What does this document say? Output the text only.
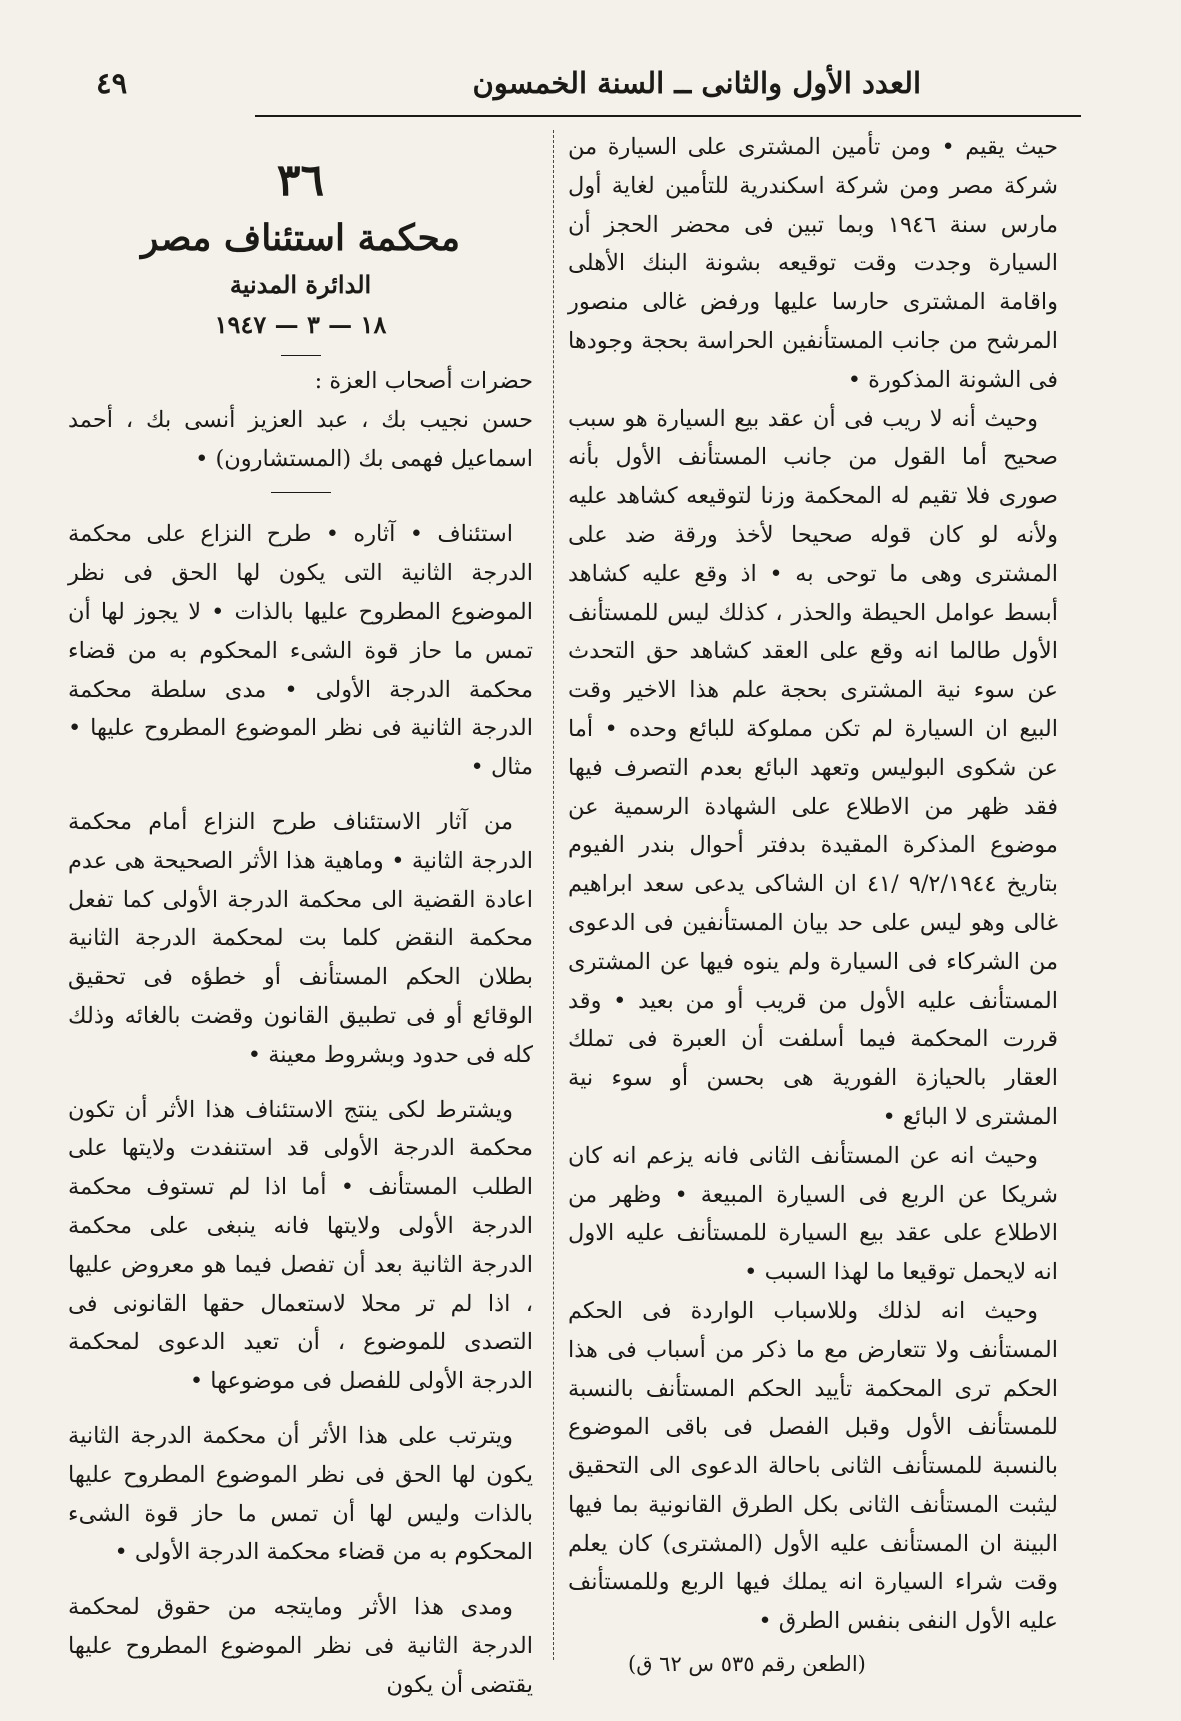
العدد الأول والثانى ــ السنة الخمسون
٤٩

حيث يقيم • ومن تأمين المشترى على السيارة من شركة مصر ومن شركة اسكندرية للتأمين لغاية أول مارس سنة ١٩٤٦ وبما تبين فى محضر الحجز أن السيارة وجدت وقت توقيعه بشونة البنك الأهلى واقامة المشترى حارسا عليها ورفض غالى منصور المرشح من جانب المستأنفين الحراسة بحجة وجودها فى الشونة المذكورة •

وحيث أنه لا ريب فى أن عقد بيع السيارة هو سبب صحيح أما القول من جانب المستأنف الأول بأنه صورى فلا تقيم له المحكمة وزنا لتوقيعه كشاهد عليه ولأنه لو كان قوله صحيحا لأخذ ورقة ضد على المشترى وهى ما توحى به • اذ وقع عليه كشاهد أبسط عوامل الحيطة والحذر ، كذلك ليس للمستأنف الأول طالما انه وقع على العقد كشاهد حق التحدث عن سوء نية المشترى بحجة علم هذا الاخير وقت البيع ان السيارة لم تكن مملوكة للبائع وحده • أما عن شكوى البوليس وتعهد البائع بعدم التصرف فيها فقد ظهر من الاطلاع على الشهادة الرسمية عن موضوع المذكرة المقيدة بدفتر أحوال بندر الفيوم بتاريخ ٩/٢/١٩٤٤ /٤١ ان الشاكى يدعى سعد ابراهيم غالى وهو ليس على حد بيان المستأنفين فى الدعوى من الشركاء فى السيارة ولم ينوه فيها عن المشترى المستأنف عليه الأول من قريب أو من بعيد • وقد قررت المحكمة فيما أسلفت أن العبرة فى تملك العقار بالحيازة الفورية هى بحسن أو سوء نية المشترى لا البائع •

وحيث انه عن المستأنف الثانى فانه يزعم انه كان شريكا عن الربع فى السيارة المبيعة • وظهر من الاطلاع على عقد بيع السيارة للمستأنف عليه الاول انه لايحمل توقيعا ما لهذا السبب •

وحيث انه لذلك وللاسباب الواردة فى الحكم المستأنف ولا تتعارض مع ما ذكر من أسباب فى هذا الحكم ترى المحكمة تأييد الحكم المستأنف بالنسبة للمستأنف الأول وقبل الفصل فى باقى الموضوع بالنسبة للمستأنف الثانى باحالة الدعوى الى التحقيق ليثبت المستأنف الثانى بكل الطرق القانونية بما فيها البينة ان المستأنف عليه الأول (المشترى) كان يعلم وقت شراء السيارة انه يملك فيها الربع وللمستأنف عليه الأول النفى بنفس الطرق •

(الطعن رقم ٥٣٥ س ٦٢ ق)

٣٦
محكمة استئناف مصر
الدائرة المدنية
١٨ — ٣ — ١٩٤٧

حضرات أصحاب العزة :

حسن نجيب بك ، عبد العزيز أنسى بك ، أحمد اسماعيل فهمى بك (المستشارون) •

استئناف • آثاره • طرح النزاع على محكمة الدرجة الثانية التى يكون لها الحق فى نظر الموضوع المطروح عليها بالذات • لا يجوز لها أن تمس ما حاز قوة الشىء المحكوم به من قضاء محكمة الدرجة الأولى • مدى سلطة محكمة الدرجة الثانية فى نظر الموضوع المطروح عليها • مثال •

من آثار الاستئناف طرح النزاع أمام محكمة الدرجة الثانية • وماهية هذا الأثر الصحيحة هى عدم اعادة القضية الى محكمة الدرجة الأولى كما تفعل محكمة النقض كلما بت لمحكمة الدرجة الثانية بطلان الحكم المستأنف أو خطؤه فى تحقيق الوقائع أو فى تطبيق القانون وقضت بالغائه وذلك كله فى حدود وبشروط معينة •

ويشترط لكى ينتج الاستئناف هذا الأثر أن تكون محكمة الدرجة الأولى قد استنفدت ولايتها على الطلب المستأنف • أما اذا لم تستوف محكمة الدرجة الأولى ولايتها فانه ينبغى على محكمة الدرجة الثانية بعد أن تفصل فيما هو معروض عليها ، اذا لم تر محلا لاستعمال حقها القانونى فى التصدى للموضوع ، أن تعيد الدعوى لمحكمة الدرجة الأولى للفصل فى موضوعها •

ويترتب على هذا الأثر أن محكمة الدرجة الثانية يكون لها الحق فى نظر الموضوع المطروح عليها بالذات وليس لها أن تمس ما حاز قوة الشىء المحكوم به من قضاء محكمة الدرجة الأولى •

ومدى هذا الأثر ومايتجه من حقوق لمحكمة الدرجة الثانية فى نظر الموضوع المطروح عليها يقتضى أن يكون
